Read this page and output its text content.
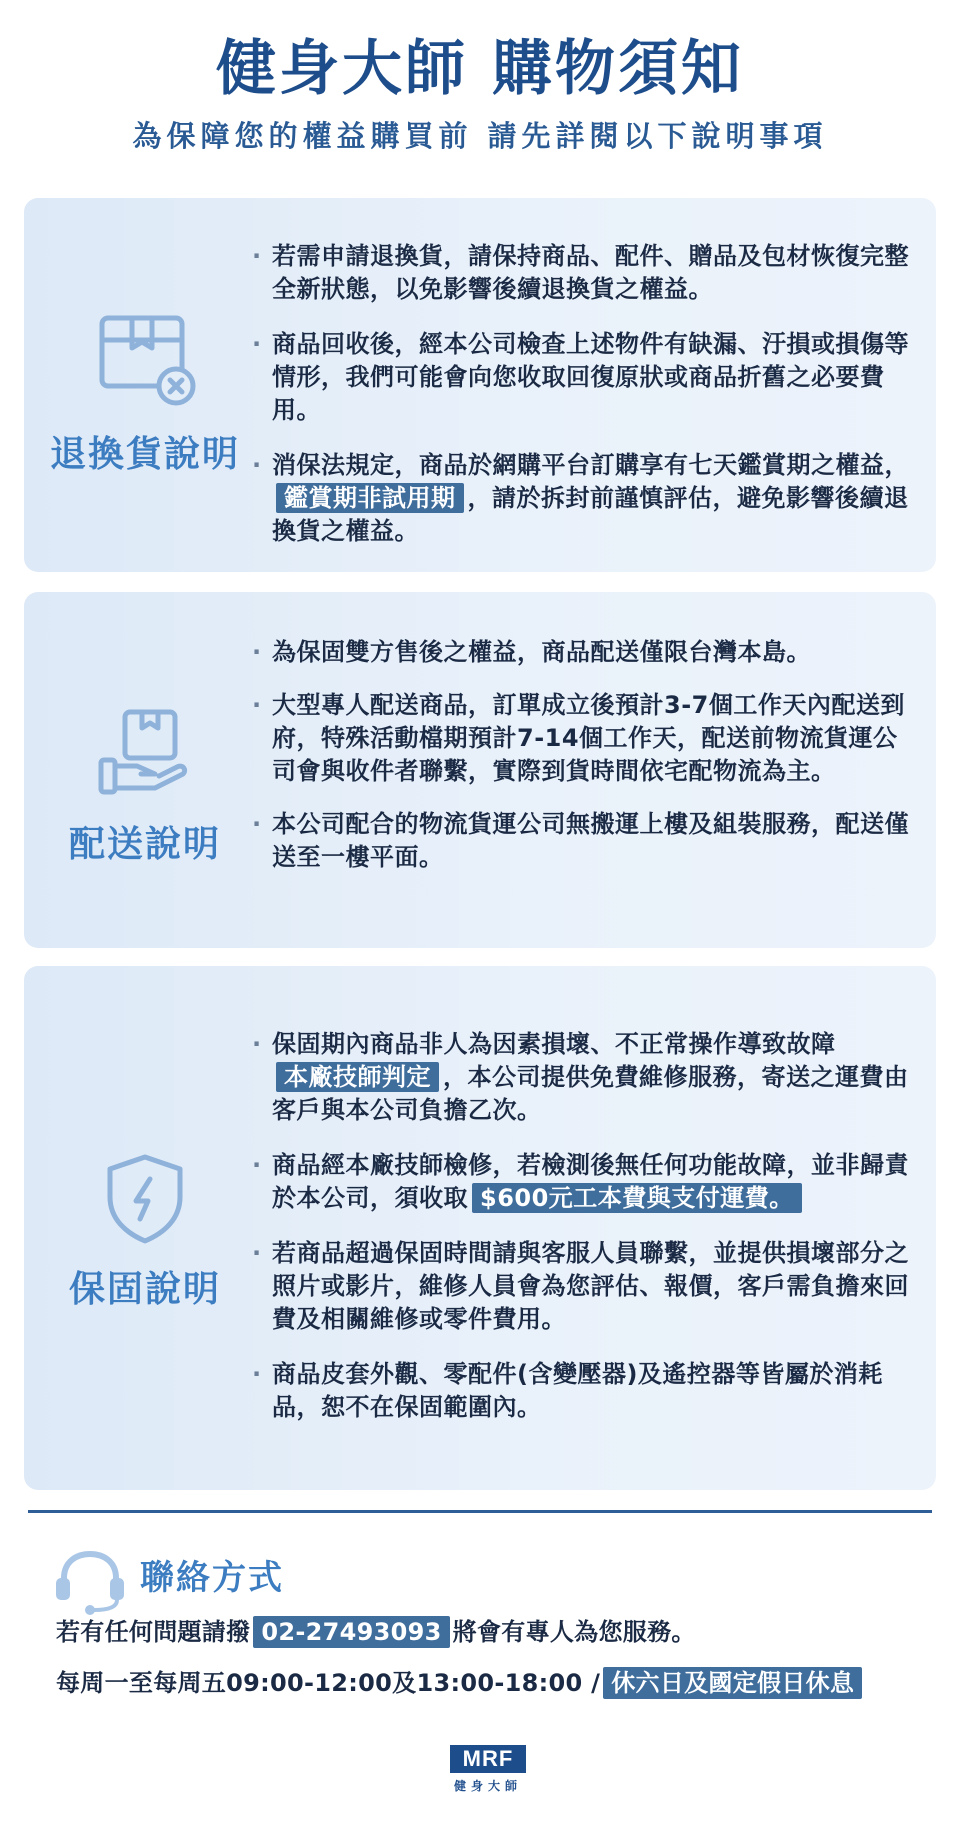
健身大師 購物須知
為保障您的權益購買前 請先詳閱以下說明事項
退換貨說明

· 若需申請退換貨，請保持商品、配件、贈品及包材恢復完整全新狀態，以免影響後續退換貨之權益。

· 商品回收後，經本公司檢查上述物件有缺漏、汙損或損傷等情形，我們可能會向您收取回復原狀或商品折舊之必要費用。

· 消保法規定，商品於網購平台訂購享有七天鑑賞期之權益，鑑賞期非試用期 ，請於拆封前謹慎評估，避免影響後續退換貨之權益。

配送說明

· 為保固雙方售後之權益，商品配送僅限台灣本島。

· 大型專人配送商品，訂單成立後預計3-7個工作天內配送到府，特殊活動檔期預計7-14個工作天，配送前物流貨運公司會與收件者聯繫，實際到貨時間依宅配物流為主。

· 本公司配合的物流貨運公司無搬運上樓及組裝服務，配送僅送至一樓平面。

保固說明

· 保固期內商品非人為因素損壞、不正常操作導致故障本廠技師判定 ，本公司提供免費維修服務，寄送之運費由客戶與本公司負擔乙次。

· 商品經本廠技師檢修，若檢測後無任何功能故障，並非歸責於本公司，須收取 $600元工本費與支付運費。

· 若商品超過保固時間請與客服人員聯繫，並提供損壞部分之照片或影片，維修人員會為您評估、報價，客戶需負擔來回費及相關維修或零件費用。

· 商品皮套外觀、零配件(含變壓器)及遙控器等皆屬於消耗品，恕不在保固範圍內。

聯絡方式
若有任何問題請撥 02-27493093 將會有專人為您服務。
每周一至每周五09:00-12:00及13:00-18:00 / 休六日及國定假日休息
MRF
健身大師
